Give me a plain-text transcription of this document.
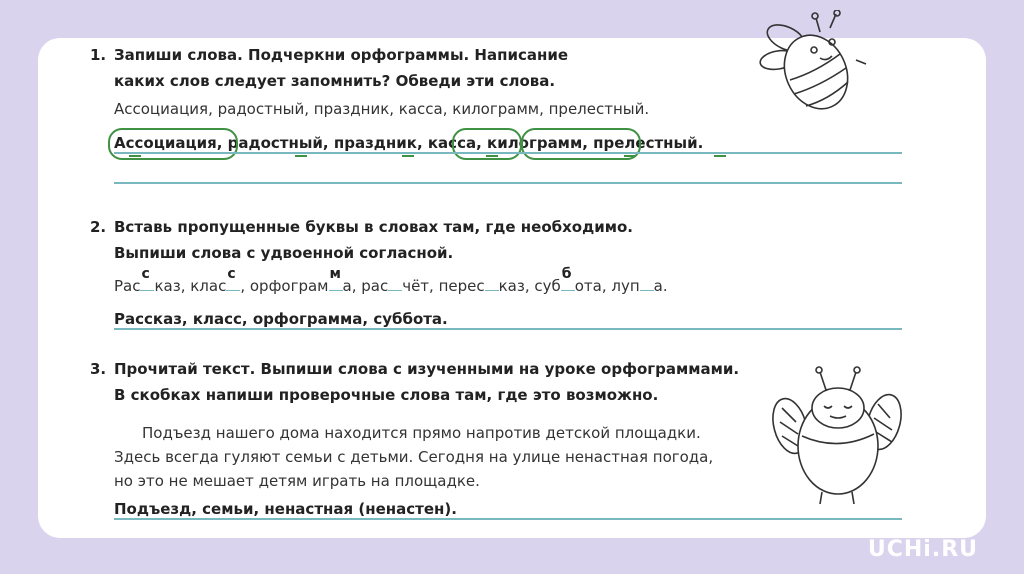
1. Запиши слова. Подчеркни орфограммы. Написание
каких слов следует запомнить? Обведи эти слова.
Ассоциация, радостный, праздник, касса, килограмм, прелестный.
Ассоциация, радостный, праздник, касса, килограмм, прелестный.
2. Вставь пропущенные буквы в словах там, где необходимо.
Выпиши слова с удвоенной согласной.
Рас
с
каз, клас
с
, орфограм
м
а, рас чёт, перес каз, суб
б
ота, луп а.
Рассказ, класс, орфограмма, суббота.
3. Прочитай текст. Выпиши слова с изученными на уроке орфограммами.
В скобках напиши проверочные слова там, где это возможно.
Подъезд нашего дома находится прямо напротив детской площадки.
Здесь всегда гуляют семьи с детьми. Сегодня на улице ненастная погода,
но это не мешает детям играть на площадке.
Подъезд, семьи, ненастная (ненастен).
UCHi.RU
